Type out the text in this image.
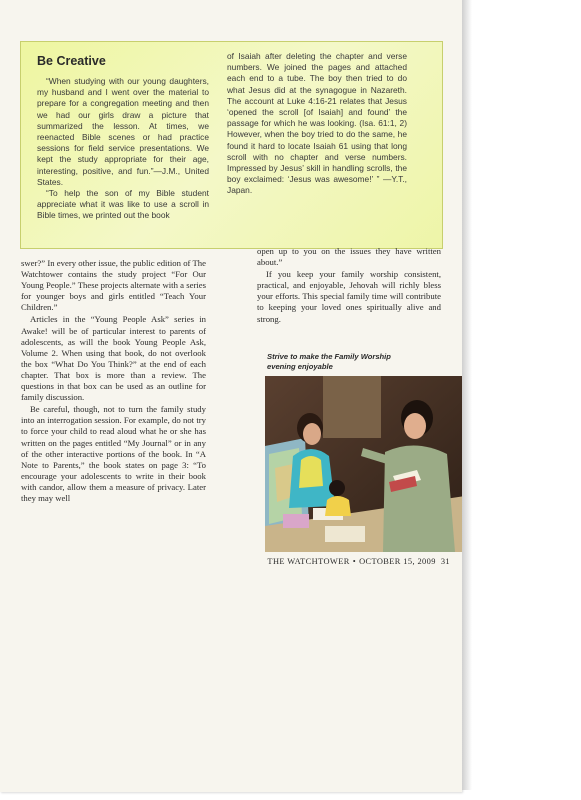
Be Creative

“When studying with our young daughters, my husband and I went over the material to prepare for a congregation meeting and then we had our girls draw a picture that summarized the lesson. At times, we reenacted Bible scenes or had practice sessions for field service presentations. We kept the study appropriate for their age, interesting, positive, and fun.”—J.M., United States.

“To help the son of my Bible student appreciate what it was like to use a scroll in Bible times, we printed out the book

of Isaiah after deleting the chapter and verse numbers. We joined the pages and attached each end to a tube. The boy then tried to do what Jesus did at the synagogue in Nazareth. The account at Luke 4:16-21 relates that Jesus ‘opened the scroll [of Isaiah] and found’ the passage for which he was looking. (Isa. 61:1, 2) However, when the boy tried to do the same, he found it hard to locate Isaiah 61 using that long scroll with no chapter and verse numbers. Impressed by Jesus’ skill in handling scrolls, the boy exclaimed: ‘Jesus was awesome!’ ” —Y.T., Japan.

swer?” In every other issue, the public edition of The Watchtower contains the study project “For Our Young People.” These projects alternate with a series for younger boys and girls entitled “Teach Your Children.”

Articles in the “Young People Ask” series in Awake! will be of particular interest to parents of adolescents, as will the book Young People Ask, Volume 2. When using that book, do not overlook the box “What Do You Think?” at the end of each chapter. That box is more than a review. The questions in that box can be used as an outline for family discussion.

Be careful, though, not to turn the family study into an interrogation session. For example, do not try to force your child to read aloud what he or she has written on the pages entitled “My Journal” or in any of the other interactive portions of the book. In “A Note to Parents,” the book states on page 3: “To encourage your adolescents to write in their book with candor, allow them a measure of privacy. Later they may well

open up to you on the issues they have written about.”

If you keep your family worship consistent, practical, and enjoyable, Jehovah will richly bless your efforts. This special family time will contribute to keeping your loved ones spiritually alive and strong.

Strive to make the Family Worship evening enjoyable
THE WATCHTOWER • OCTOBER 15, 2009 31
